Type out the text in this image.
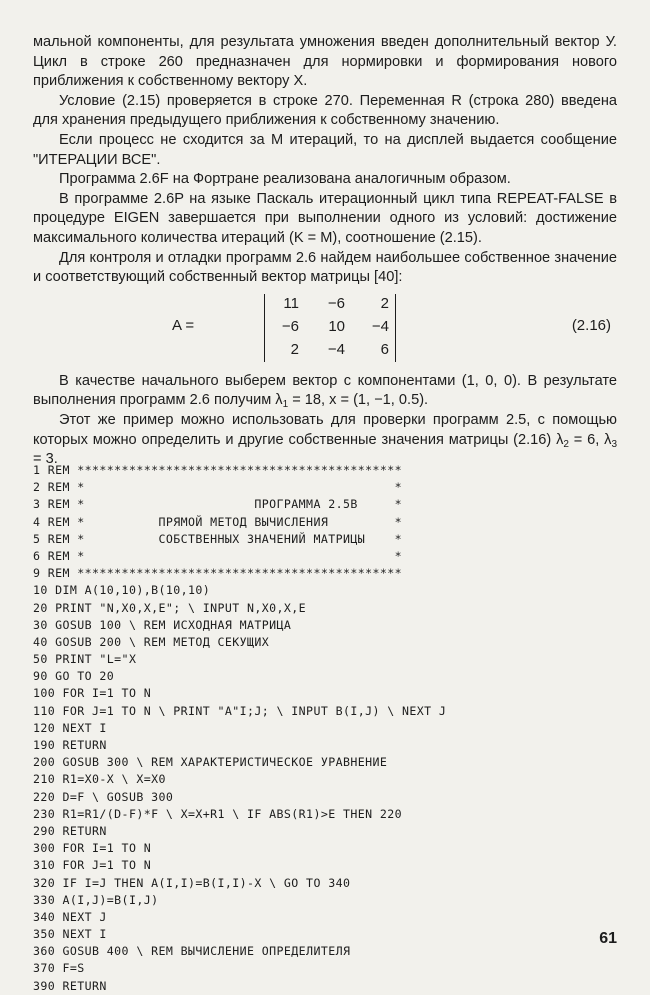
мальной компоненты, для результата умножения введен дополнительный вектор У. Цикл в строке 260 предназначен для нормировки и формирования нового приближения к собственному вектору X.

Условие (2.15) проверяется в строке 270. Переменная R (строка 280) введена для хранения предыдущего приближения к собственному значению.

Если процесс не сходится за M итераций, то на дисплей выдается сообщение "ИТЕРАЦИИ ВСЕ".

Программа 2.6F на Фортране реализована аналогичным образом.

В программе 2.6P на языке Паскаль итерационный цикл типа REPEAT-FALSE в процедуре EIGEN завершается при выполнении одного из условий: достижение максимального количества итераций (K = M), соотношение (2.15).

Для контроля и отладки программ 2.6 найдем наибольшее собственное значение и соответствующий собственный вектор матрицы [40]:

A =
11	−6	2
−6	10	−4
2	−4	6
(2.16)

В качестве начального выберем вектор с компонентами (1, 0, 0). В результате выполнения программ 2.6 получим $\lambda_1 = 18$, x = (1, −1, 0.5).

Этот же пример можно использовать для проверки программ 2.5, с помощью которых можно определить и другие собственные значения матрицы (2.16) $\lambda_2 = 6$, $\lambda_3 = 3$.

1 REM ********************************************
2 REM *                                          *
3 REM *                       ПРОГРАММА 2.5В     *
4 REM *          ПРЯМОЙ МЕТОД ВЫЧИСЛЕНИЯ         *
5 REM *          СОБСТВЕННЫХ ЗНАЧЕНИЙ МАТРИЦЫ    *
6 REM *                                          *
9 REM ********************************************
10 DIM A(10,10),B(10,10)
20 PRINT "N,X0,X,E"; \ INPUT N,X0,X,E
30 GOSUB 100 \ REM ИСХОДНАЯ МАТРИЦА
40 GOSUB 200 \ REM МЕТОД СЕКУЩИХ
50 PRINT "L="X
90 GO TO 20
100 FOR I=1 TO N
110 FOR J=1 TO N \ PRINT "A"I;J; \ INPUT B(I,J) \ NEXT J
120 NEXT I
190 RETURN
200 GOSUB 300 \ REM ХАРАКТЕРИСТИЧЕСКОЕ УРАВНЕНИЕ
210 R1=X0-X \ X=X0
220 D=F \ GOSUB 300
230 R1=R1/(D-F)*F \ X=X+R1 \ IF ABS(R1)>E THEN 220
290 RETURN
300 FOR I=1 TO N
310 FOR J=1 TO N
320 IF I=J THEN A(I,I)=B(I,I)-X \ GO TO 340
330 A(I,J)=B(I,J)
340 NEXT J
350 NEXT I
360 GOSUB 400 \ REM ВЫЧИСЛЕНИЕ ОПРЕДЕЛИТЕЛЯ
370 F=S
390 RETURN
61
